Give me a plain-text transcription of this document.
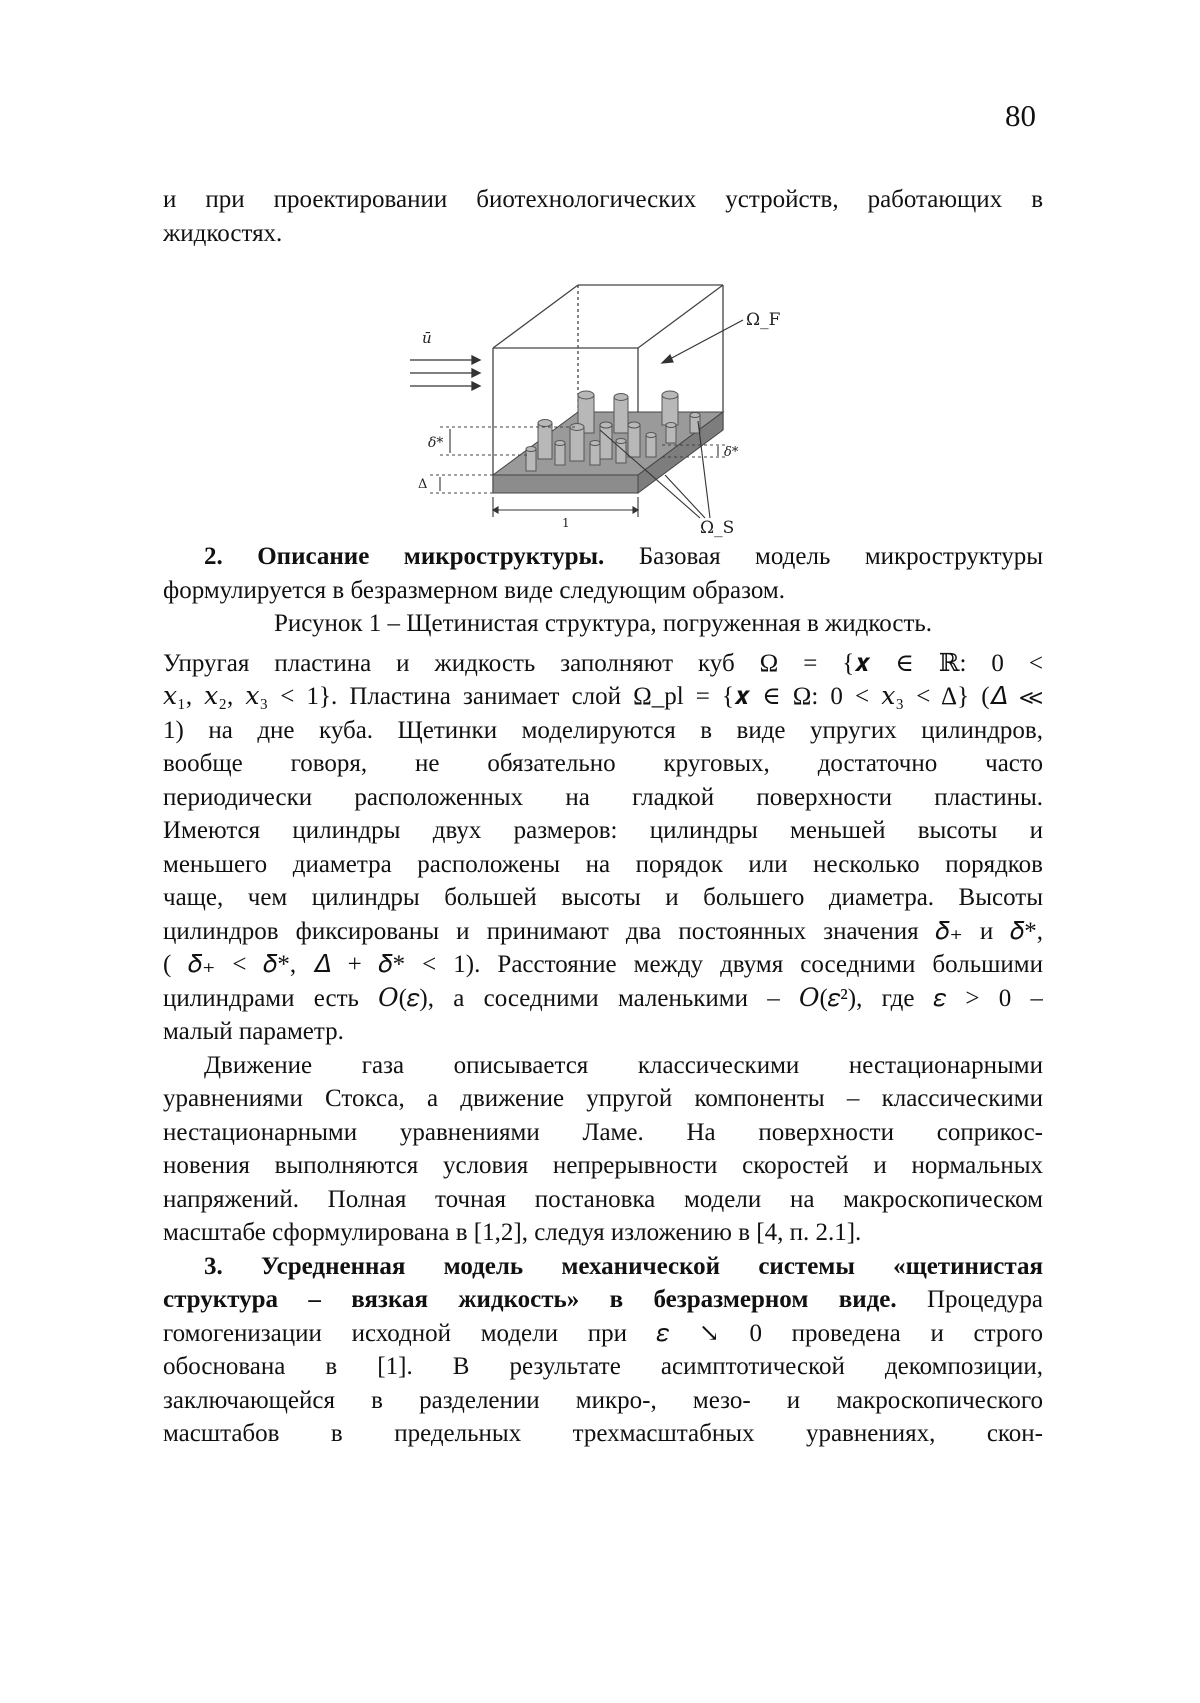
80
и при проектировании биотехнологических устройств, работающих в
жидкостях.
ū
Ω_F
Ω_S
δ*
Δ
δ*
1
2. Описание микроструктуры. Базовая модель микроструктуры
формулируется в безразмерном виде следующим образом.
Рисунок 1 – Щетинистая структура, погруженная в жидкость.
Упругая пластина и жидкость заполняют куб Ω = {𝒙 ∈ ℝ: 0 <
𝑥₁, 𝑥₂, 𝑥₃ < 1}. Пластина занимает слой Ω_pl = {𝒙 ∈ Ω: 0 < 𝑥₃ < Δ} (𝛥 ≪
1) на дне куба. Щетинки моделируются в виде упругих цилиндров,
вообще говоря, не обязательно круговых, достаточно часто
периодически расположенных на гладкой поверхности пластины.
Имеются цилиндры двух размеров: цилиндры меньшей высоты и
меньшего диаметра расположены на порядок или несколько порядков
чаще, чем цилиндры большей высоты и большего диаметра. Высоты
цилиндров фиксированы и принимают два постоянных значения 𝛿₊ и 𝛿*,
( 𝛿₊ < 𝛿*, 𝛥 + 𝛿* < 1). Расстояние между двумя соседними большими
цилиндрами есть 𝑂(𝜀), а соседними маленькими – 𝑂(𝜀²), где 𝜀 > 0 –
малый параметр.
Движение газа описывается классическими нестационарными
уравнениями Стокса, а движение упругой компоненты – классическими
нестационарными уравнениями Ламе. На поверхности соприкос-
новения выполняются условия непрерывности скоростей и нормальных
напряжений. Полная точная постановка модели на макроскопическом
масштабе сформулирована в [1,2], следуя изложению в [4, п. 2.1].
3. Усредненная модель механической системы «щетинистая
структура – вязкая жидкость» в безразмерном виде. Процедура
гомогенизации исходной модели при 𝜀 ↘ 0 проведена и строго
обоснована в [1]. В результате асимптотической декомпозиции,
заключающейся в разделении микро-, мезо- и макроскопического
масштабов в предельных трехмасштабных уравнениях, скон-
